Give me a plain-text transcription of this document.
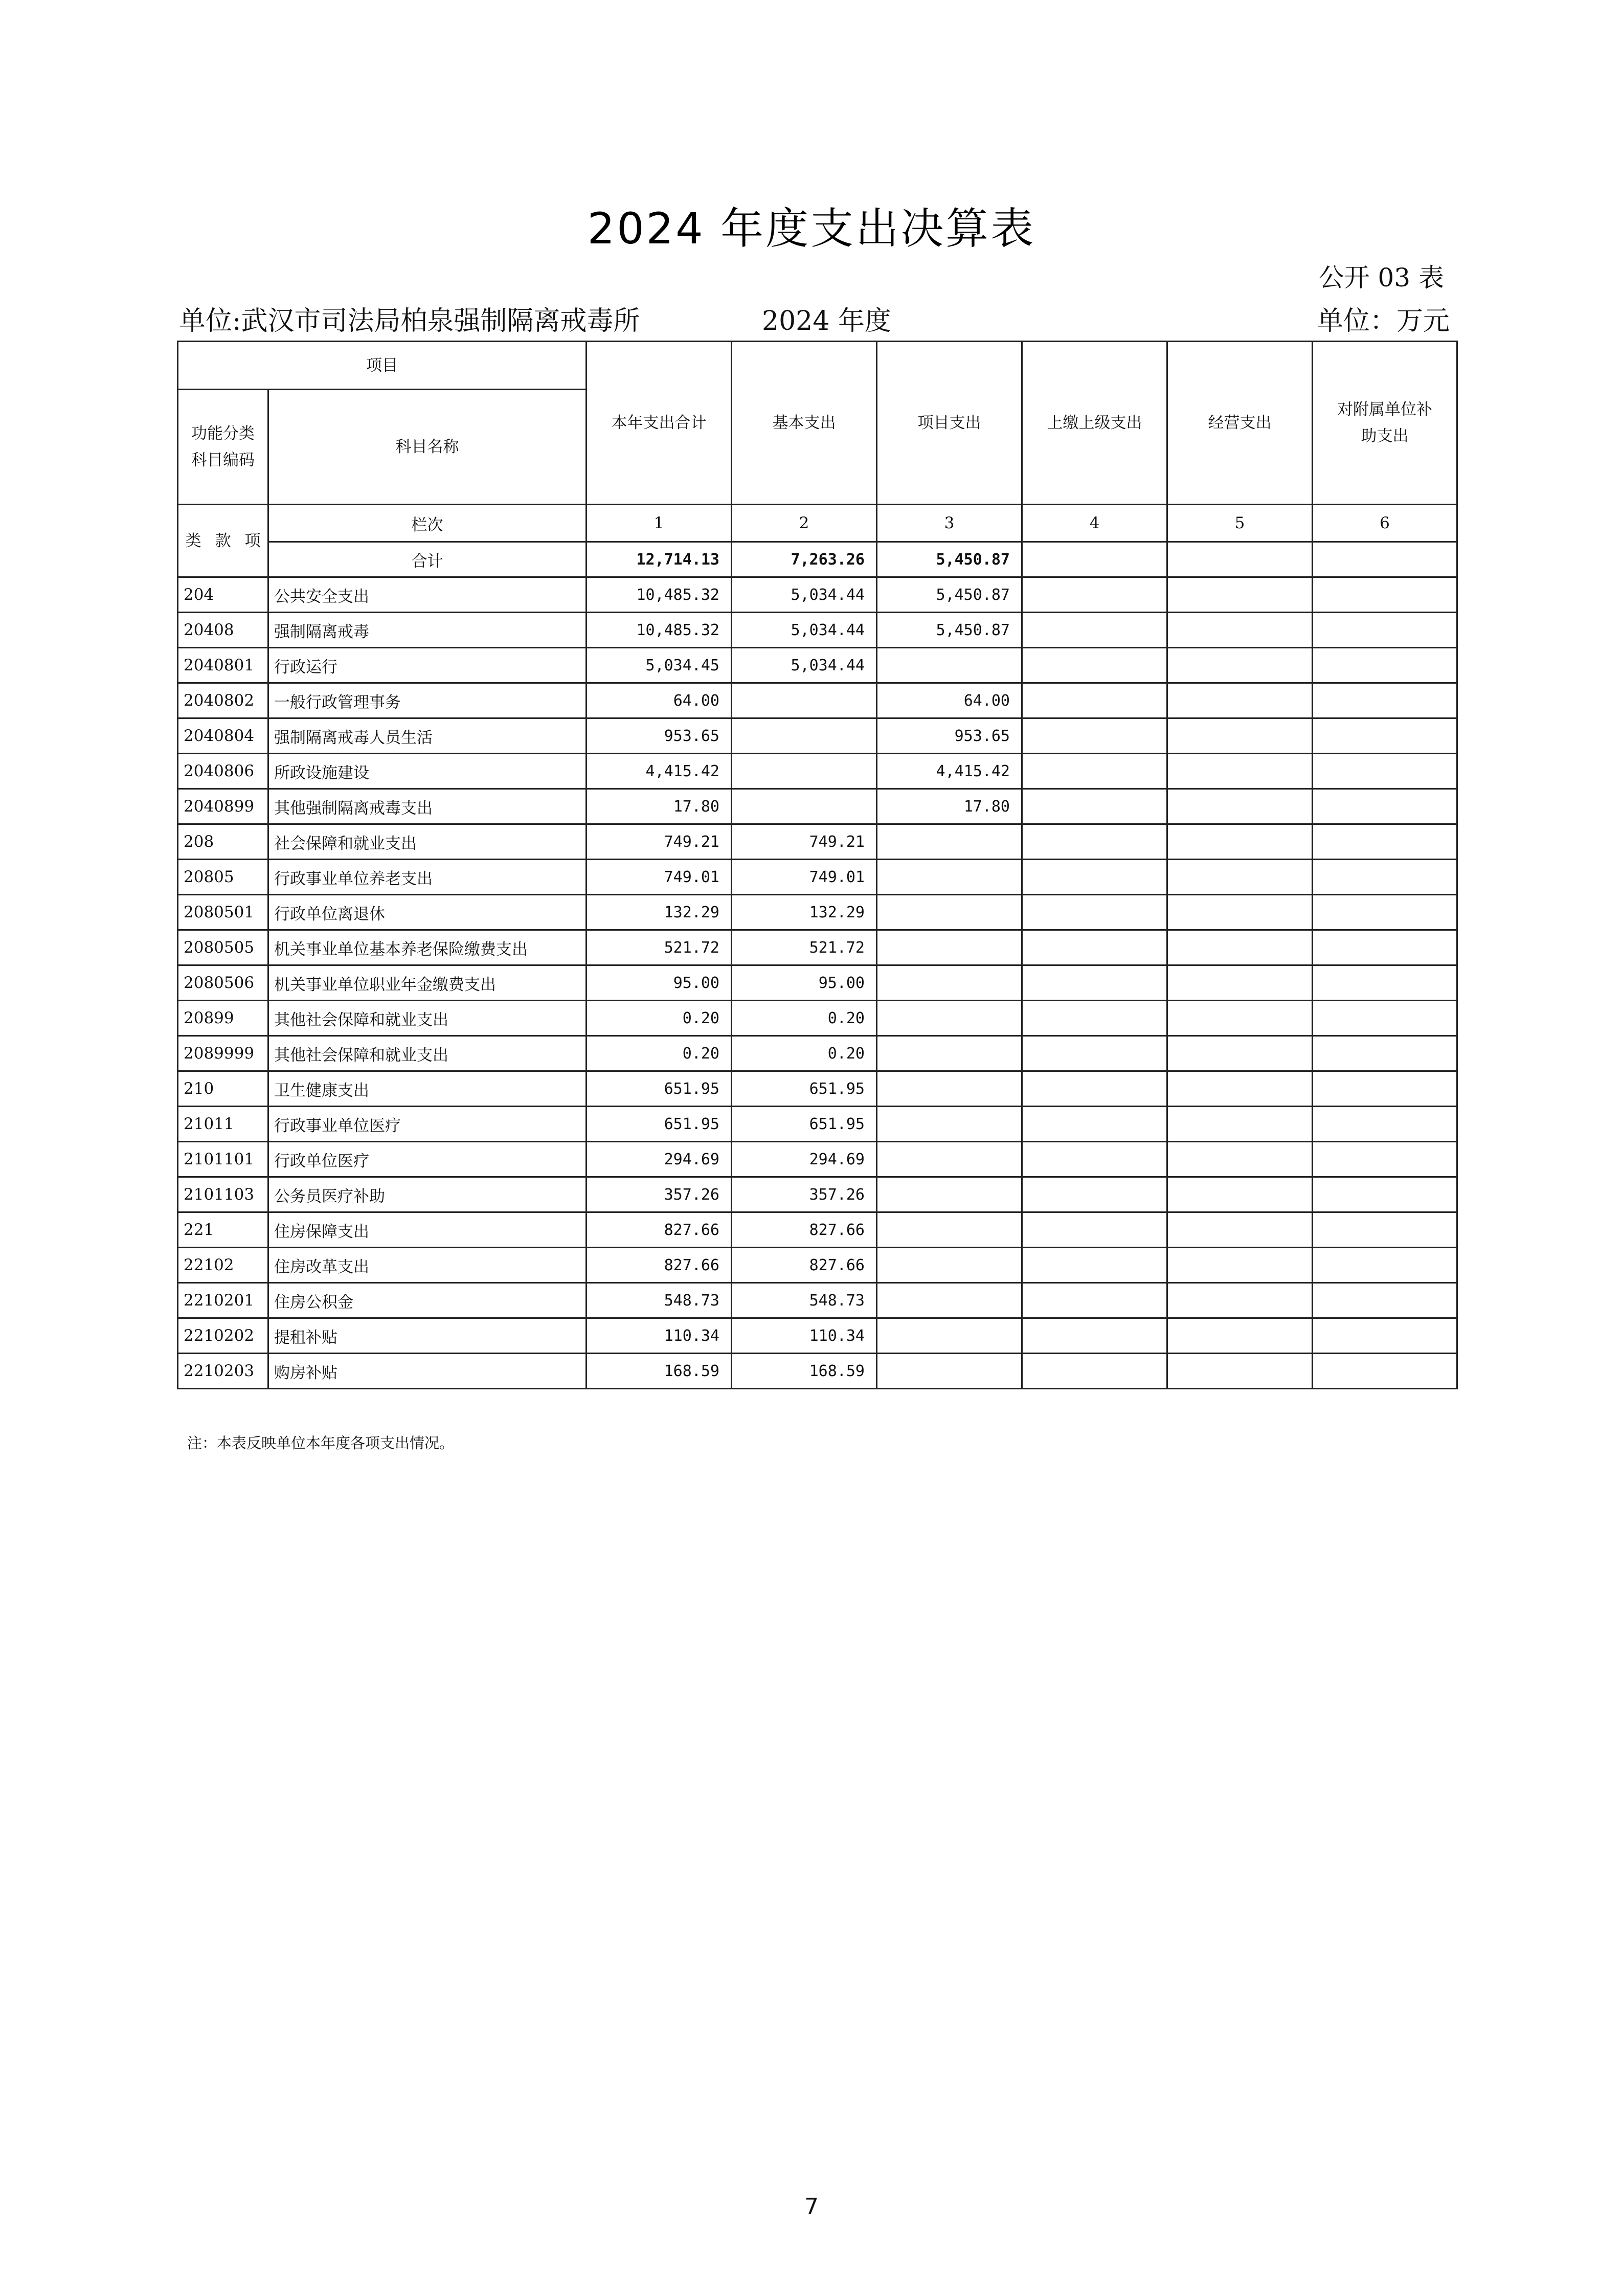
2024 年度支出决算表
公开 03 表
单位:武汉市司法局柏泉强制隔离戒毒所	2024 年度	单位：万元
项目		本年支出合计	基本支出	项目支出	上缴上级支出	经营支出	对附属单位补助支出
功能分类科目编码	科目名称						

类 款 项	栏次	1	2	3	4	5	6
	合计	12,714.13	7,263.26	5,450.87			
204	公共安全支出	10,485.32	5,034.44	5,450.87			
20408	强制隔离戒毒	10,485.32	5,034.44	5,450.87			
2040801	行政运行	5,034.45	5,034.44				
2040802	一般行政管理事务	64.00		64.00			
2040804	强制隔离戒毒人员生活	953.65		953.65			
2040806	所政设施建设	4,415.42		4,415.42			
2040899	其他强制隔离戒毒支出	17.80		17.80			
208	社会保障和就业支出	749.21	749.21				
20805	行政事业单位养老支出	749.01	749.01				
2080501	行政单位离退休	132.29	132.29				
2080505	机关事业单位基本养老保险缴费支出	521.72	521.72				
2080506	机关事业单位职业年金缴费支出	95.00	95.00				
20899	其他社会保障和就业支出	0.20	0.20				
2089999	其他社会保障和就业支出	0.20	0.20				
210	卫生健康支出	651.95	651.95				
21011	行政事业单位医疗	651.95	651.95				
2101101	行政单位医疗	294.69	294.69				
2101103	公务员医疗补助	357.26	357.26				
221	住房保障支出	827.66	827.66				
22102	住房改革支出	827.66	827.66				
2210201	住房公积金	548.73	548.73				
2210202	提租补贴	110.34	110.34				
2210203	购房补贴	168.59	168.59				
注：本表反映单位本年度各项支出情况。
7
